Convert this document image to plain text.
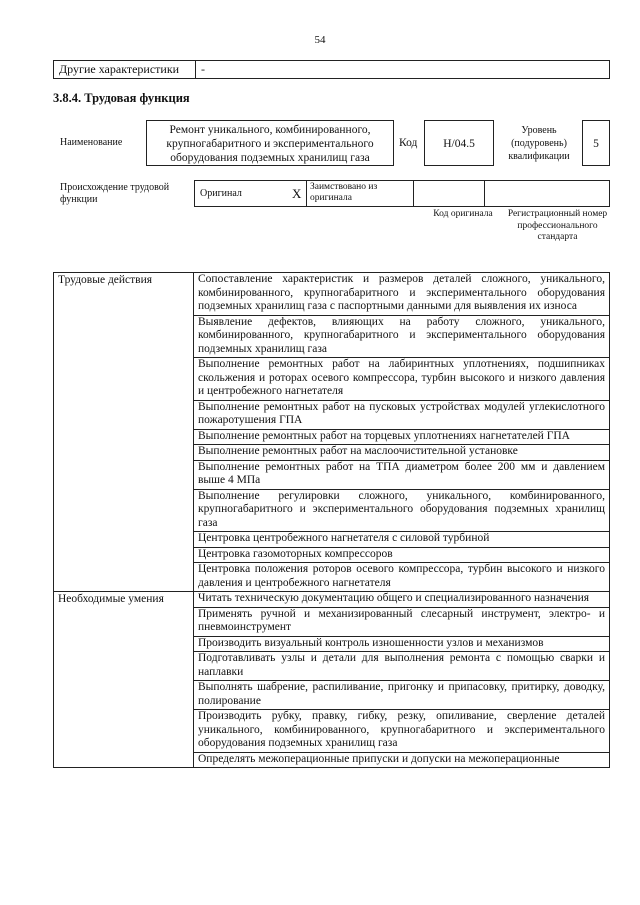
54
Другие характеристики	-
3.8.4. Трудовая функция
Наименование
Ремонт уникального, комбинированного, крупногабаритного и экспериментального оборудования подземных хранилищ газа
Код	Н/04.5
Уровень (подуровень) квалификации
5
Происхождение трудовой функции
Оригинал	X	Заимствовано из оригинала		
Код оригинала	Регистрационный номер профессионального стандарта
Трудовые действия	Сопоставление характеристик и размеров деталей сложного, уникального, комбинированного, крупногабаритного и экспериментального оборудования подземных хранилищ газа с паспортными данными для выявления их износа
	Выявление дефектов, влияющих на работу сложного, уникального, комбинированного, крупногабаритного и экспериментального оборудования подземных хранилищ газа
	Выполнение ремонтных работ на лабиринтных уплотнениях, подшипниках скольжения и роторах осевого компрессора, турбин высокого и низкого давления и центробежного нагнетателя
	Выполнение ремонтных работ на пусковых устройствах модулей углекислотного пожаротушения ГПА
	Выполнение ремонтных работ на торцевых уплотнениях нагнетателей ГПА
	Выполнение ремонтных работ на маслоочистительной установке
	Выполнение ремонтных работ на ТПА диаметром более 200 мм и давлением выше 4 МПа
	Выполнение регулировки сложного, уникального, комбинированного, крупногабаритного и экспериментального оборудования подземных хранилищ газа
	Центровка центробежного нагнетателя с силовой турбиной
	Центровка газомоторных компрессоров
	Центровка положения роторов осевого компрессора, турбин высокого и низкого давления и центробежного нагнетателя
Необходимые умения	Читать техническую документацию общего и специализированного назначения
	Применять ручной и механизированный слесарный инструмент, электро- и пневмоинструмент
	Производить визуальный контроль изношенности узлов и механизмов
	Подготавливать узлы и детали для выполнения ремонта с помощью сварки и наплавки
	Выполнять шабрение, распиливание, пригонку и припасовку, притирку, доводку, полирование
	Производить рубку, правку, гибку, резку, опиливание, сверление деталей уникального, комбинированного, крупногабаритного и экспериментального оборудования подземных хранилищ газа
	Определять межоперационные припуски и допуски на межоперационные
